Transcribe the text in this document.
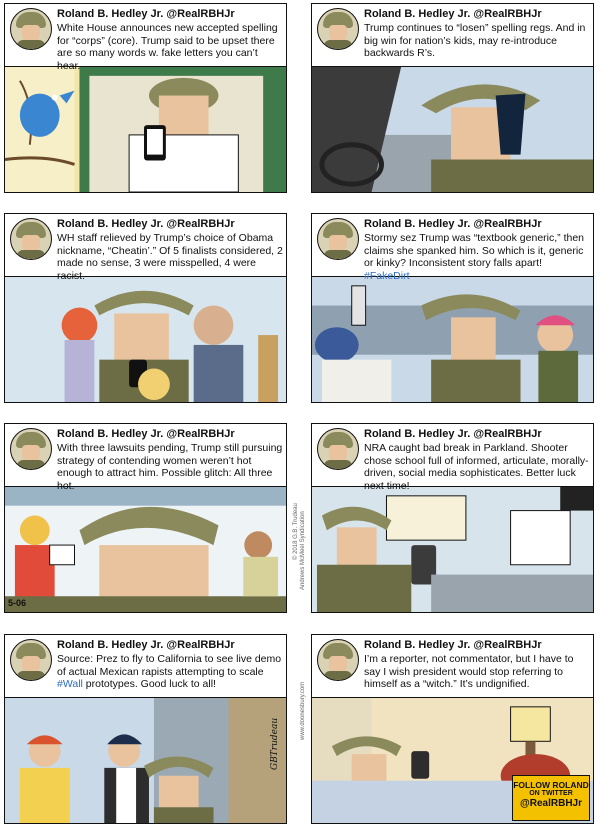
Roland B. Hedley Jr. @RealRBHJr
White House announces new accepted spelling for “corps” (core). Trump said to be upset there are so many words w. fake letters you can’t hear.
Roland B. Hedley Jr. @RealRBHJr
Trump continues to “losen” spelling regs. And in big win for nation’s kids, may re-introduce backwards R’s.
Roland B. Hedley Jr. @RealRBHJr
WH staff relieved by Trump’s choice of Obama nickname, “Cheatin’.” Of 5 finalists considered, 2 made no sense, 3 were misspelled, 4 were racist.
Roland B. Hedley Jr. @RealRBHJr
Stormy sez Trump was “textbook generic,” then claims she spanked him. So which is it, generic or kinky? Inconsistent story falls apart! #FakeDirt
Roland B. Hedley Jr. @RealRBHJr
With three lawsuits pending, Trump still pursuing strategy of contending women weren’t hot enough to attract him. Possible glitch: All three hot.
Roland B. Hedley Jr. @RealRBHJr
NRA caught bad break in Parkland. Shooter chose school full of informed, articulate, morally-driven, social media sophisticates. Better luck next time!
Roland B. Hedley Jr. @RealRBHJr
Source: Prez to fly to California to see live demo of actual Mexican rapists attempting to scale #Wall prototypes. Good luck to all!
Roland B. Hedley Jr. @RealRBHJr
I’m a reporter, not commentator, but I have to say I wish president would stop referring to himself as a “witch.” It’s undignified.
FOLLOW ROLAND
ON TWITTER
@RealRBHJr
5-06
© 2018 G.B. Trudeau Andrews McMeel Syndication
www.doonesbury.com
GBTrudeau
